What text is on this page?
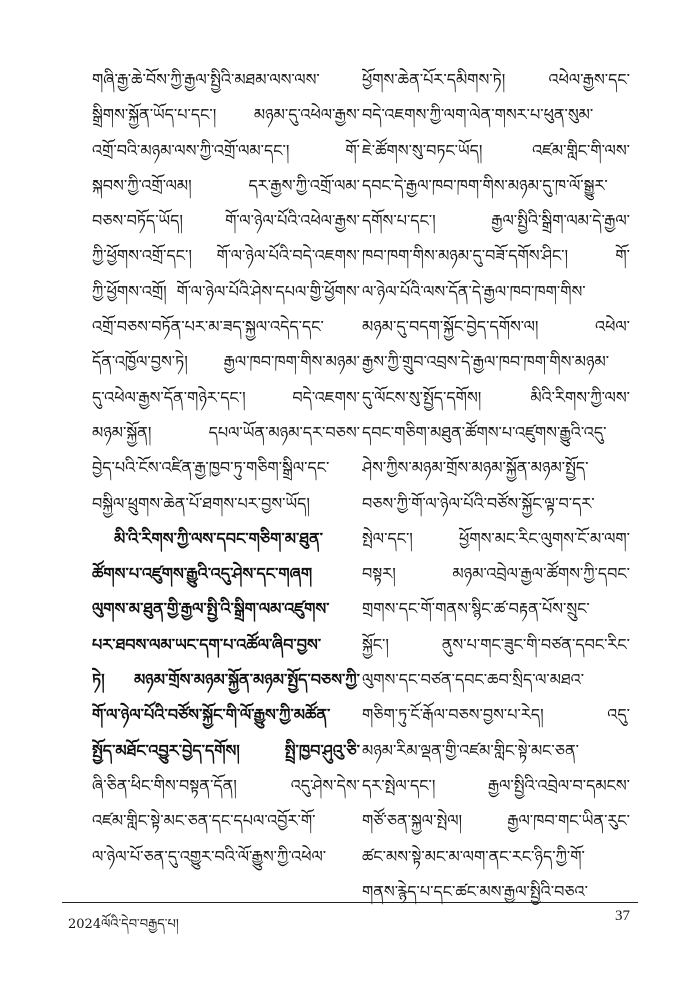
གཞི་རྒྱ་ཆེ་བོས་ཀྱི་རྒྱལ་སྤྱིའི་མཐམ་ལས་ལས་
སྒྲིགས་སྐྱོན་ཡོད་པ་དང་། མཉམ་དུ་འཕེལ་རྒྱས་
འགྲོ་བའི་མཉམ་ལས་ཀྱི་འགྲོ་ལམ་དང་། གོ་
སྐབས་ཀྱི་འགྲོ་ལམ། དར་རྒྱས་ཀྱི་འགྲོ་ལམ་
བཅས་བཏོད་ཡོད། གོ་ལ་ཉེལ་པོའི་འཕེལ་རྒྱས་
ཀྱི་ཕྱོགས་འགྲོ་དང་། གོ་ལ་ཉེལ་པོའི་བདེ་འཇགས་
ཀྱི་ཕྱོགས་འགྲོ། གོ་ལ་ཉེལ་པོའི་ཤེས་དཔལ་གྱི་ཕྱོགས་
འགྲོ་བཅས་བཏོན་པར་མ་ཟད་སྐྱལ་འདེད་དང་
དོན་འཁྱོལ་བྱས་ཏེ། རྒྱལ་ཁབ་ཁག་གིས་མཉམ་
དུ་འཕེལ་རྒྱས་དོན་གཉེར་དང་། བདེ་འཇགས་
མཉམ་སྐྱོན། དཔལ་ཡོན་མཉམ་དར་བཅས་
བྱེད་པའི་ངོས་འཛིན་རྒྱ་ཁྱབ་ཏུ་གཅིག་སྒྲིལ་དང་
བསྐྱིལ་ཕྲུགས་ཆེན་པོ་ཐགས་པར་བྱས་ཡོད།
མི་འི་རིགས་ཀྱི་ལས་དབང་གཅིག་མ་ཐུན་
ཚོགས་པ་འཛུགས་རྒྱུའི་འདུ་ཤེས་དང་གཞག
ལུགས་མ་ཐུན་གྱི་རྒྱལ་སྤྱི་འི་སྒྲིག་ལམ་འཛུགས་
པར་ཐབས་ལམ་ཡང་དག་པ་འཚོལ་ཞིབ་བྱས་
ཏེ། མཉམ་གྲོས་མཉམ་སྐྱོན་མཉམ་སྤྱོད་བཅས་ཀྱི་
གོ་ལ་ཉེལ་པོའི་བཙོས་སྐྱོང་གི་ལོ་རྒྱུས་ཀྱི་མཚོན་
སྤྱོད་མཐོང་འབྱུར་བྱེད་དགོས། སྤྲི་ཁྱབ་ཤུའུ་ཅི་
ཞི་ཅིན་ཕིང་གིས་བསྟན་དོན། འདུ་ཤེས་དེས་
འཛམ་གླིང་སྟེ་མང་ཅན་དང་དཔལ་འབྱོར་གོ་
ལ་ཉེལ་པོ་ཅན་དུ་འགྱུར་བའི་ལོ་རྒྱུས་ཀྱི་འཕེལ་
ཕྱོགས་ཆེན་པོར་དམིགས་ཏེ། འཕེལ་རྒྱས་དང་
བདེ་འཇགས་ཀྱི་ལག་ལེན་གསར་པ་ཕུན་སུམ་
ཇེ་ཚོགས་སུ་བཏང་ཡོད། འཛམ་གླིང་གི་ལས་
དབང་དེ་རྒྱལ་ཁབ་ཁག་གིས་མཉམ་དུ་ཁ་ལོ་སྒྱུར་
དགོས་པ་དང་། རྒྱལ་སྤྱིའི་སྒྲིག་ལམ་དེ་རྒྱལ་
ཁབ་ཁག་གིས་མཉམ་དུ་བཟོ་དགོས་ཤིང་། གོ་
ལ་ཉེལ་པོའི་ལས་དོན་དེ་རྒྱལ་ཁབ་ཁག་གིས་
མཉམ་དུ་བདག་སྐྱོང་བྱེད་དགོས་ལ། འཕེལ་
རྒྱས་ཀྱི་གྲུབ་འབྲས་དེ་རྒྱལ་ཁབ་ཁག་གིས་མཉམ་
དུ་ལོངས་སུ་སྤྱོད་དགོས། མིའི་རིགས་ཀྱི་ལས་
དབང་གཅིག་མཐུན་ཚོགས་པ་འཛུགས་རྒྱུའི་འདུ་
ཤེས་ཀྱིས་མཉམ་གྲོས་མཉམ་སྐྱོན་མཉམ་སྤྱོད་
བཅས་ཀྱི་གོ་ལ་ཉེལ་པོའི་བཙོས་སྐྱོང་ལྟ་བ་དར་
སྤེལ་དང་། ཕྱོགས་མང་རིང་ལུགས་ངོ་མ་ལག་
བསྟར། མཉམ་འབྲེལ་རྒྱལ་ཚོགས་ཀྱི་དབང་
གྲགས་དང་གོ་གནས་སྙིང་ཚ་བརྟན་པོས་སྲུང་
སྐྱོང་། ནུས་པ་གང་ཟུང་གི་བཙན་དབང་རིང་
ལུགས་དང་བཙན་དབང་ཆབ་སྲིད་ལ་མཐའ་
གཅིག་ཏུ་ངོ་རྒོལ་བཅས་བྱས་པ་རེད། འདུ་
མཉམ་རིམ་ལྡན་གྱི་འཛམ་གླིང་སྟེ་མང་ཅན་
དར་སྤེལ་དང་། རྒྱལ་སྤྱིའི་འབྲེལ་བ་དམངས་
གཙོ་ཅན་སྐྱལ་སྤེལ། རྒྱལ་ཁབ་གང་ཡིན་རུང་
ཚང་མས་སྟེ་མང་མ་ལག་ནང་རང་ཉིད་ཀྱི་གོ་
གནས་རྙེད་པ་དང་ཚང་མས་རྒྱལ་སྤྱིའི་བཅའ་
2024ལོའི་དེབ་བརྒྱད་པ།
37
